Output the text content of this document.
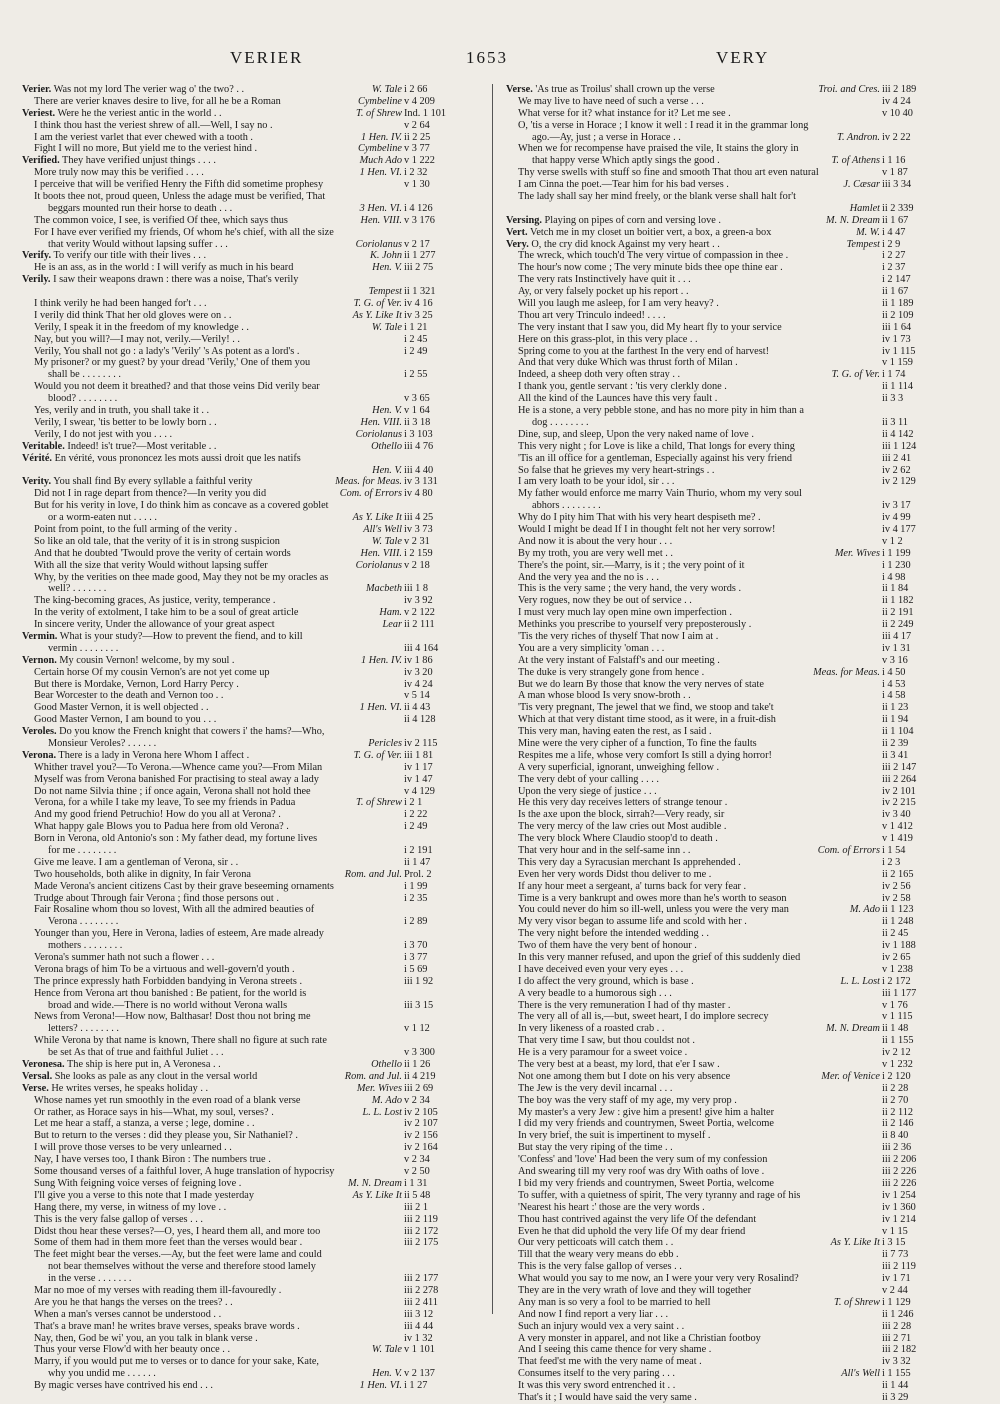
VERIER	1653	VERY
Verier. Was not my lord The verier wag o' the two? . .	W. Tale i 2 66
There are verier knaves desire to live, for all he be a Roman	Cymbeline v 4 209
Veriest. Were he the veriest antic in the world . .	T. of Shrew Ind. 1 101
I think thou hast the veriest shrew of all.—Well, I say no .	v 2 64
I am the veriest varlet that ever chewed with a tooth .	1 Hen. IV. ii 2 25
Fight I will no more, But yield me to the veriest hind .	Cymbeline v 3 77
Verified. They have verified unjust things . . . .	Much Ado v 1 222
More truly now may this be verified . . . .	1 Hen. VI. i 2 32
I perceive that will be verified Henry the Fifth did sometime prophesy	v 1 30
It boots thee not, proud queen, Unless the adage must be verified, That
beggars mounted run their horse to death . . .	3 Hen. VI. i 4 126
The common voice, I see, is verified Of thee, which says thus	Hen. VIII. v 3 176
For I have ever verified my friends, Of whom he's chief, with all the size
that verity Would without lapsing suffer . . .	Coriolanus v 2 17
Verify. To verify our title with their lives . . .	K. John ii 1 277
He is an ass, as in the world : I will verify as much in his beard	Hen. V. iii 2 75
Verily. I saw their weapons drawn : there was a noise, That's verily
Tempest ii 1 321
I think verily he had been hanged for't . . .	T. G. of Ver. iv 4 16
I verily did think That her old gloves were on . .	As Y. Like It iv 3 25
Verily, I speak it in the freedom of my knowledge . .	W. Tale i 1 21
Nay, but you will?—I may not, verily.—Verily! . .	i 2 45
Verily, You shall not go : a lady's 'Verily' 's As potent as a lord's .	i 2 49
My prisoner? or my guest? by your dread 'Verily,' One of them you
shall be . . . . . . . .	i 2 55
Would you not deem it breathed? and that those veins Did verily bear
blood? . . . . . . . .	v 3 65
Yes, verily and in truth, you shall take it . .	Hen. V. v 1 64
Verily, I swear, 'tis better to be lowly born . .	Hen. VIII. ii 3 18
Verily, I do not jest with you . . . .	Coriolanus i 3 103
Veritable. Indeed! is't true?—Most veritable . .	Othello iii 4 76
Vérité. En vérité, vous prononcez les mots aussi droit que les natifs
Hen. V. iii 4 40
Verity. You shall find By every syllable a faithful verity	Meas. for Meas. iv 3 131
Did not I in rage depart from thence?—In verity you did	Com. of Errors iv 4 80
But for his verity in love, I do think him as concave as a covered goblet
or a worm-eaten nut . . . . .	As Y. Like It iii 4 25
Point from point, to the full arming of the verity .	All's Well iv 3 73
So like an old tale, that the verity of it is in strong suspicion	W. Tale v 2 31
And that he doubted 'Twould prove the verity of certain words	Hen. VIII. i 2 159
With all the size that verity Would without lapsing suffer	Coriolanus v 2 18
Why, by the verities on thee made good, May they not be my oracles as
well? . . . . . . .	Macbeth iii 1 8
The king-becoming graces, As justice, verity, temperance .	iv 3 92
In the verity of extolment, I take him to be a soul of great article	Ham. v 2 122
In sincere verity, Under the allowance of your great aspect	Lear ii 2 111
Vermin. What is your study?—How to prevent the fiend, and to kill
vermin . . . . . . . .	iii 4 164
Vernon. My cousin Vernon! welcome, by my soul .	1 Hen. IV. iv 1 86
Certain horse Of my cousin Vernon's are not yet come up	iv 3 20
But there is Mordake, Vernon, Lord Harry Percy .	iv 4 24
Bear Worcester to the death and Vernon too . .	v 5 14
Good Master Vernon, it is well objected . .	1 Hen. VI. ii 4 43
Good Master Vernon, I am bound to you . . .	ii 4 128
Veroles. Do you know the French knight that cowers i' the hams?—Who,
Monsieur Veroles? . . . . . .	Pericles iv 2 115
Verona. There is a lady in Verona here Whom I affect .	T. G. of Ver. iii 1 81
Whither travel you?—To Verona.—Whence came you?—From Milan	iv 1 17
Myself was from Verona banished For practising to steal away a lady	iv 1 47
Do not name Silvia thine ; if once again, Verona shall not hold thee	v 4 129
Verona, for a while I take my leave, To see my friends in Padua	T. of Shrew i 2 1
And my good friend Petruchio! How do you all at Verona? .	i 2 22
What happy gale Blows you to Padua here from old Verona? .	i 2 49
Born in Verona, old Antonio's son : My father dead, my fortune lives
for me . . . . . . . .	i 2 191
Give me leave. I am a gentleman of Verona, sir . .	ii 1 47
Two households, both alike in dignity, In fair Verona	Rom. and Jul. Prol. 2
Made Verona's ancient citizens Cast by their grave beseeming ornaments	i 1 99
Trudge about Through fair Verona ; find those persons out .	i 2 35
Fair Rosaline whom thou so lovest, With all the admired beauties of
Verona . . . . . . . .	i 2 89
Younger than you, Here in Verona, ladies of esteem, Are made already
mothers . . . . . . . .	i 3 70
Verona's summer hath not such a flower . . .	i 3 77
Verona brags of him To be a virtuous and well-govern'd youth .	i 5 69
The prince expressly hath Forbidden bandying in Verona streets .	iii 1 92
Hence from Verona art thou banished : Be patient, for the world is
broad and wide.—There is no world without Verona walls	iii 3 15
News from Verona!—How now, Balthasar! Dost thou not bring me
letters? . . . . . . . .	v 1 12
While Verona by that name is known, There shall no figure at such rate
be set As that of true and faithful Juliet . . .	v 3 300
Veronesa. The ship is here put in, A Veronesa . .	Othello ii 1 26
Versal. She looks as pale as any clout in the versal world	Rom. and Jul. ii 4 219
Verse. He writes verses, he speaks holiday . .	Mer. Wives iii 2 69
Whose names yet run smoothly in the even road of a blank verse	M. Ado v 2 34
Or rather, as Horace says in his—What, my soul, verses? .	L. L. Lost iv 2 105
Let me hear a staff, a stanza, a verse ; lege, domine . .	iv 2 107
But to return to the verses : did they please you, Sir Nathaniel? .	iv 2 156
I will prove those verses to be very unlearned . .	iv 2 164
Nay, I have verses too, I thank Biron : The numbers true .	v 2 34
Some thousand verses of a faithful lover, A huge translation of hypocrisy	v 2 50
Sung With feigning voice verses of feigning love .	M. N. Dream i 1 31
I'll give you a verse to this note that I made yesterday	As Y. Like It ii 5 48
Hang there, my verse, in witness of my love . .	iii 2 1
This is the very false gallop of verses . . .	iii 2 119
Didst thou hear these verses?—O, yes, I heard them all, and more too	iii 2 172
Some of them had in them more feet than the verses would bear .	iii 2 175
The feet might bear the verses.—Ay, but the feet were lame and could
not bear themselves without the verse and therefore stood lamely
in the verse . . . . . . .	iii 2 177
Mar no moe of my verses with reading them ill-favouredly .	iii 2 278
Are you he that hangs the verses on the trees? . .	iii 2 411
When a man's verses cannot be understood . .	iii 3 12
That's a brave man! he writes brave verses, speaks brave words .	iii 4 44
Nay, then, God be wi' you, an you talk in blank verse .	iv 1 32
Thus your verse Flow'd with her beauty once . .	W. Tale v 1 101
Marry, if you would put me to verses or to dance for your sake, Kate,
why you undid me . . . . . .	Hen. V. v 2 137
By magic verses have contrived his end . . .	1 Hen. VI. i 1 27
Verse. 'As true as Troilus' shall crown up the verse	Troi. and Cres. iii 2 189
We may live to have need of such a verse . . .	iv 4 24
What verse for it? what instance for it? Let me see .	v 10 40
O, 'tis a verse in Horace ; I know it well : I read it in the grammar long
ago.—Ay, just ; a verse in Horace . .	T. Andron. iv 2 22
When we for recompense have praised the vile, It stains the glory in
that happy verse Which aptly sings the good .	T. of Athens i 1 16
Thy verse swells with stuff so fine and smooth That thou art even natural	v 1 87
I am Cinna the poet.—Tear him for his bad verses .	J. Cæsar iii 3 34
The lady shall say her mind freely, or the blank verse shall halt for't
Hamlet ii 2 339
Versing. Playing on pipes of corn and versing love .	M. N. Dream ii 1 67
Vert. Vetch me in my closet un boitier vert, a box, a green-a box	M. W. i 4 47
Very. O, the cry did knock Against my very heart . .	Tempest i 2 9
The wreck, which touch'd The very virtue of compassion in thee .	i 2 27
The hour's now come ; The very minute bids thee ope thine ear .	i 2 37
The very rats Instinctively have quit it . . .	i 2 147
Ay, or very falsely pocket up his report . .	ii 1 67
Will you laugh me asleep, for I am very heavy? .	ii 1 189
Thou art very Trinculo indeed! . . . .	ii 2 109
The very instant that I saw you, did My heart fly to your service	iii 1 64
Here on this grass-plot, in this very place . .	iv 1 73
Spring come to you at the farthest In the very end of harvest!	iv 1 115
And that very duke Which was thrust forth of Milan .	v 1 159
Indeed, a sheep doth very often stray . .	T. G. of Ver. i 1 74
I thank you, gentle servant : 'tis very clerkly done .	ii 1 114
All the kind of the Launces have this very fault .	ii 3 3
He is a stone, a very pebble stone, and has no more pity in him than a
dog . . . . . . . .	ii 3 11
Dine, sup, and sleep, Upon the very naked name of love .	ii 4 142
This very night ; for Love is like a child, That longs for every thing	iii 1 124
'Tis an ill office for a gentleman, Especially against his very friend	iii 2 41
So false that he grieves my very heart-strings . .	iv 2 62
I am very loath to be your idol, sir . . .	iv 2 129
My father would enforce me marry Vain Thurio, whom my very soul
abhors . . . . . . . .	iv 3 17
Why do I pity him That with his very heart despiseth me? .	iv 4 99
Would I might be dead If I in thought felt not her very sorrow!	iv 4 177
And now it is about the very hour . . .	v 1 2
By my troth, you are very well met . .	Mer. Wives i 1 199
There's the point, sir.—Marry, is it ; the very point of it	i 1 230
And the very yea and the no is . . .	i 4 98
This is the very same ; the very hand, the very words .	ii 1 84
Very rogues, now they be out of service . .	ii 1 182
I must very much lay open mine own imperfection .	ii 2 191
Methinks you prescribe to yourself very preposterously .	ii 2 249
'Tis the very riches of thyself That now I aim at .	iii 4 17
You are a very simplicity 'oman . . .	iv 1 31
At the very instant of Falstaff's and our meeting .	v 3 16
The duke is very strangely gone from hence .	Meas. for Meas. i 4 50
But we do learn By those that know the very nerves of state	i 4 53
A man whose blood Is very snow-broth . .	i 4 58
'Tis very pregnant, The jewel that we find, we stoop and take't	ii 1 23
Which at that very distant time stood, as it were, in a fruit-dish	ii 1 94
This very man, having eaten the rest, as I said .	ii 1 104
Mine were the very cipher of a function, To fine the faults	ii 2 39
Respites me a life, whose very comfort Is still a dying horror!	ii 3 41
A very superficial, ignorant, unweighing fellow .	iii 2 147
The very debt of your calling . . . .	iii 2 264
Upon the very siege of justice . . .	iv 2 101
He this very day receives letters of strange tenour .	iv 2 215
Is the axe upon the block, sirrah?—Very ready, sir	iv 3 40
The very mercy of the law cries out Most audible .	v 1 412
The very block Where Claudio stoop'd to death .	v 1 419
That very hour and in the self-same inn . .	Com. of Errors i 1 54
This very day a Syracusian merchant Is apprehended .	i 2 3
Even her very words Didst thou deliver to me .	ii 2 165
If any hour meet a sergeant, a' turns back for very fear .	iv 2 56
Time is a very bankrupt and owes more than he's worth to season	iv 2 58
You could never do him so ill-well, unless you were the very man	M. Ado ii 1 123
My very visor began to assume life and scold with her .	ii 1 248
The very night before the intended wedding . .	ii 2 45
Two of them have the very bent of honour .	iv 1 188
In this very manner refused, and upon the grief of this suddenly died	iv 2 65
I have deceived even your very eyes . . .	v 1 238
I do affect the very ground, which is base .	L. L. Lost i 2 172
A very beadle to a humorous sigh . . .	iii 1 177
There is the very remuneration I had of thy master .	v 1 76
The very all of all is,—but, sweet heart, I do implore secrecy	v 1 115
In very likeness of a roasted crab . .	M. N. Dream ii 1 48
That very time I saw, but thou couldst not .	ii 1 155
He is a very paramour for a sweet voice .	iv 2 12
The very best at a beast, my lord, that e'er I saw .	v 1 232
Not one among them but I dote on his very absence	Mer. of Venice i 2 120
The Jew is the very devil incarnal . . .	ii 2 28
The boy was the very staff of my age, my very prop .	ii 2 70
My master's a very Jew : give him a present! give him a halter	ii 2 112
I did my very friends and countrymen, Sweet Portia, welcome	ii 2 146
In very brief, the suit is impertinent to myself .	ii 8 40
But stay the very riping of the time . .	iii 2 36
'Confess' and 'love' Had been the very sum of my confession	iii 2 206
And swearing till my very roof was dry With oaths of love .	iii 2 226
I bid my very friends and countrymen, Sweet Portia, welcome	iii 2 226
To suffer, with a quietness of spirit, The very tyranny and rage of his	iv 1 254
'Nearest his heart :' those are the very words .	iv 1 360
Thou hast contrived against the very life Of the defendant	iv 1 214
Even he that did uphold the very life Of my dear friend	v 1 15
Our very petticoats will catch them . .	As Y. Like It i 3 15
Till that the weary very means do ebb .	ii 7 73
This is the very false gallop of verses . .	iii 2 119
What would you say to me now, an I were your very very Rosalind?	iv 1 71
They are in the very wrath of love and they will together	v 2 44
Any man is so very a fool to be married to hell	T. of Shrew i 1 129
And now I find report a very liar . . .	ii 1 246
Such an injury would vex a very saint . .	iii 2 28
A very monster in apparel, and not like a Christian footboy	iii 2 71
And I seeing this came thence for very shame .	iii 2 182
That feed'st me with the very name of meat .	iv 3 32
Consumes itself to the very paring . . .	All's Well i 1 155
It was this very sword entrenched it . .	ii 1 44
That's it ; I would have said the very same .	ii 3 29
